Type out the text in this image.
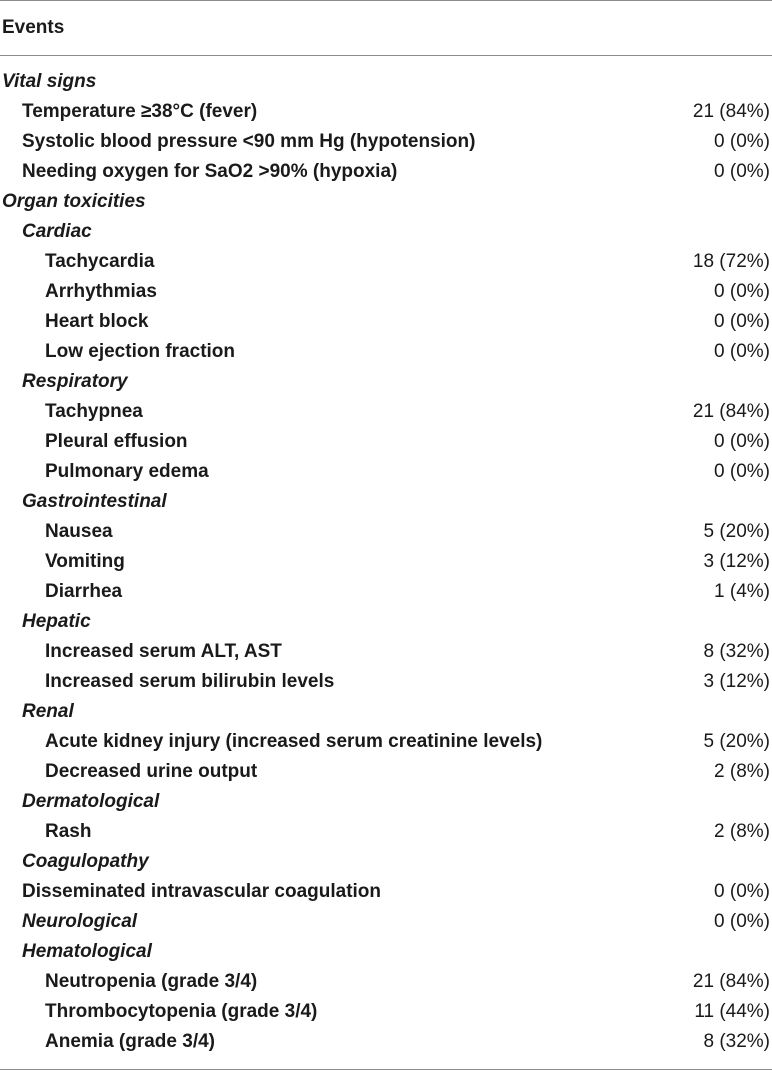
Events
Vital signs
Temperature ≥38°C (fever)	21 (84%)
Systolic blood pressure <90 mm Hg (hypotension)	0 (0%)
Needing oxygen for SaO2 >90% (hypoxia)	0 (0%)
Organ toxicities
Cardiac
Tachycardia	18 (72%)
Arrhythmias	0 (0%)
Heart block	0 (0%)
Low ejection fraction	0 (0%)
Respiratory
Tachypnea	21 (84%)
Pleural effusion	0 (0%)
Pulmonary edema	0 (0%)
Gastrointestinal
Nausea	5 (20%)
Vomiting	3 (12%)
Diarrhea	1 (4%)
Hepatic
Increased serum ALT, AST	8 (32%)
Increased serum bilirubin levels	3 (12%)
Renal
Acute kidney injury (increased serum creatinine levels)	5 (20%)
Decreased urine output	2 (8%)
Dermatological
Rash	2 (8%)
Coagulopathy
Disseminated intravascular coagulation	0 (0%)
Neurological	0 (0%)
Hematological
Neutropenia (grade 3/4)	21 (84%)
Thrombocytopenia (grade 3/4)	11 (44%)
Anemia (grade 3/4)	8 (32%)
